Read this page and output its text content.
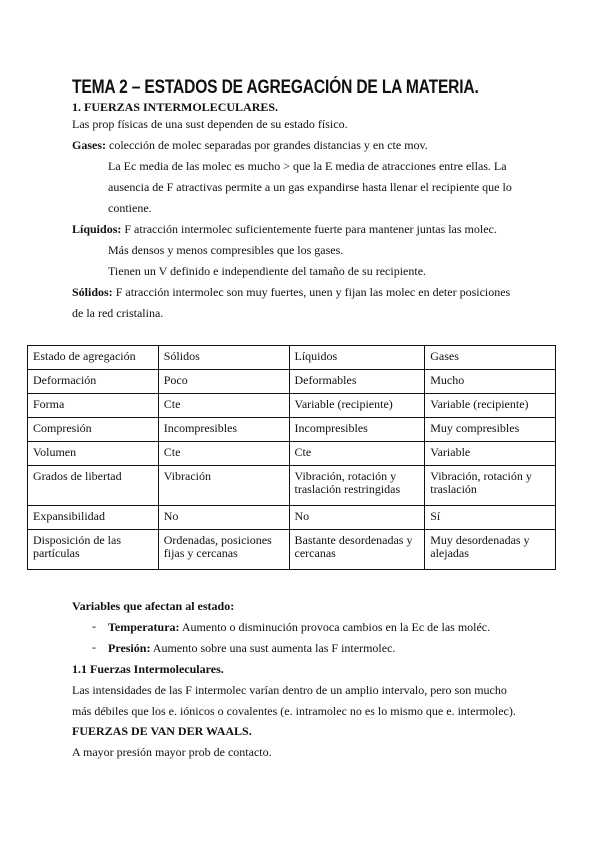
TEMA 2 – ESTADOS DE AGREGACIÓN DE LA MATERIA.
1. FUERZAS INTERMOLECULARES.
Las prop físicas de una sust dependen de su estado físico.
Gases: colección de molec separadas por grandes distancias y en cte mov.
La Ec media de las molec es mucho > que la E media de atracciones entre ellas. La
ausencia de F atractivas permite a un gas expandirse hasta llenar el recipiente que lo
contiene.
Líquidos: F atracción intermolec suficientemente fuerte para mantener juntas las molec.
Más densos y menos compresibles que los gases.
Tienen un V definido e independiente del tamaño de su recipiente.
Sólidos: F atracción intermolec son muy fuertes, unen y fijan las molec en deter posiciones
de la red cristalina.
Estado de agregación	Sólidos	Líquidos	Gases
Deformación	Poco	Deformables	Mucho
Forma	Cte	Variable (recipiente)	Variable (recipiente)
Compresión	Incompresibles	Incompresibles	Muy compresibles
Volumen	Cte	Cte	Variable
Grados de libertad	Vibración	Vibración, rotación y traslación restringidas	Vibración, rotación y traslación
Expansibilidad	No	No	Sí
Disposición de las partículas	Ordenadas, posiciones fijas y cercanas	Bastante desordenadas y cercanas	Muy desordenadas y alejadas
Variables que afectan al estado:
- Temperatura: Aumento o disminución provoca cambios en la Ec de las moléc.
- Presión: Aumento sobre una sust aumenta las F intermolec.
1.1 Fuerzas Intermoleculares.
Las intensidades de las F intermolec varían dentro de un amplio intervalo, pero son mucho
más débiles que los e. iónicos o covalentes (e. intramolec no es lo mismo que e. intermolec).
FUERZAS DE VAN DER WAALS.
A mayor presión mayor prob de contacto.
